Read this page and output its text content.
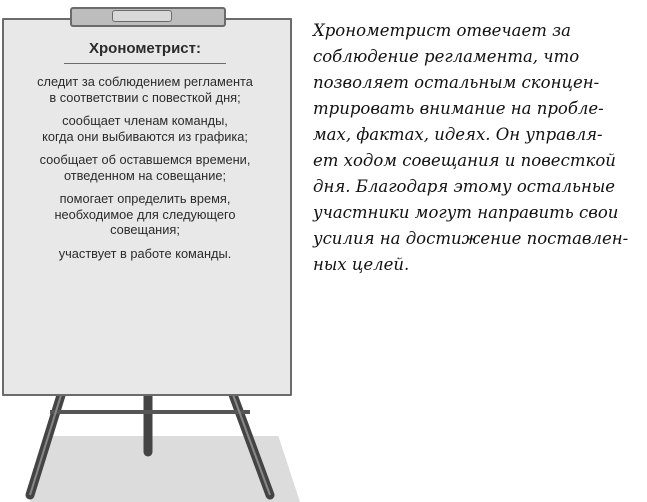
Хронометрист:
следит за соблюдением регламента
в соответствии с повесткой дня;
сообщает членам команды,
когда они выбиваются из графика;
сообщает об оставшемся времени,
отведенном на совещание;
помогает определить время,
необходимое для следующего
совещания;
участвует в работе команды.

Хронометрист отвечает за
соблюдение регламента, что
позволяет остальным сконцен-
трировать внимание на пробле-
мах, фактах, идеях. Он управля-
ет ходом совещания и повесткой
дня. Благодаря этому остальные
участники могут направить свои
усилия на достижение поставлен-
ных целей.
